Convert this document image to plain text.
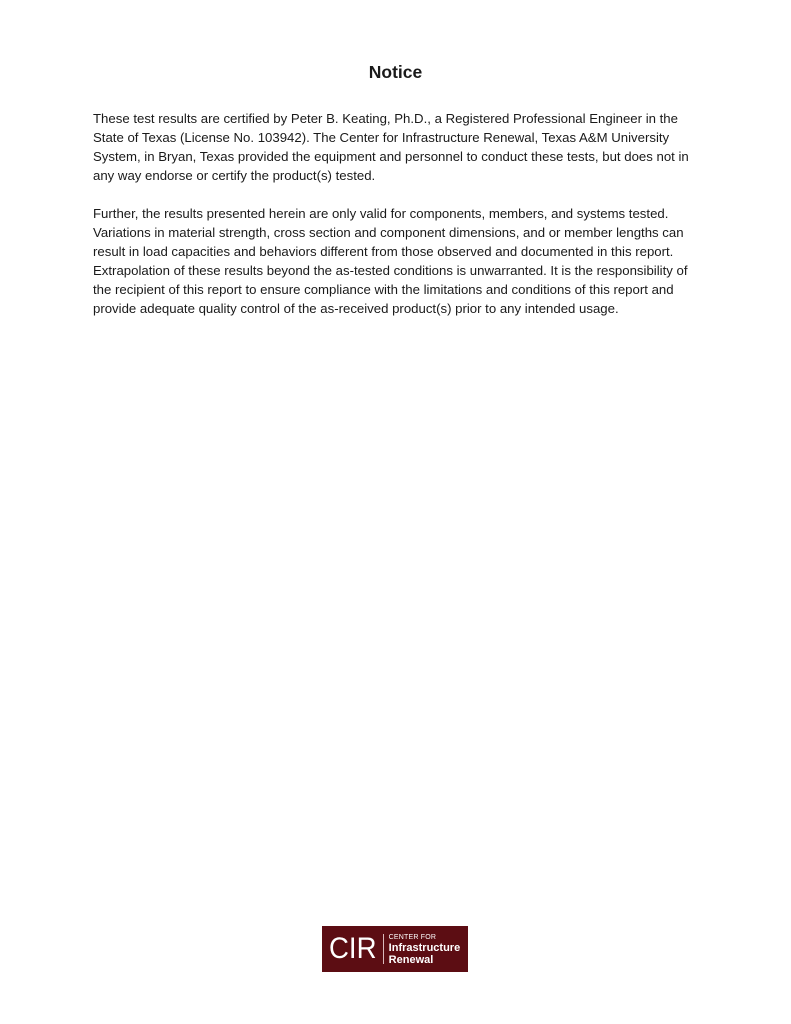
Notice

These test results are certified by Peter B. Keating, Ph.D., a Registered Professional Engineer in the State of Texas (License No. 103942). The Center for Infrastructure Renewal, Texas A&M University System, in Bryan, Texas provided the equipment and personnel to conduct these tests, but does not in any way endorse or certify the product(s) tested.

Further, the results presented herein are only valid for components, members, and systems tested. Variations in material strength, cross section and component dimensions, and or member lengths can result in load capacities and behaviors different from those observed and documented in this report. Extrapolation of these results beyond the as-tested conditions is unwarranted. It is the responsibility of the recipient of this report to ensure compliance with the limitations and conditions of this report and provide adequate quality control of the as-received product(s) prior to any intended usage.

CIR CENTER FOR
Infrastructure
Renewal
